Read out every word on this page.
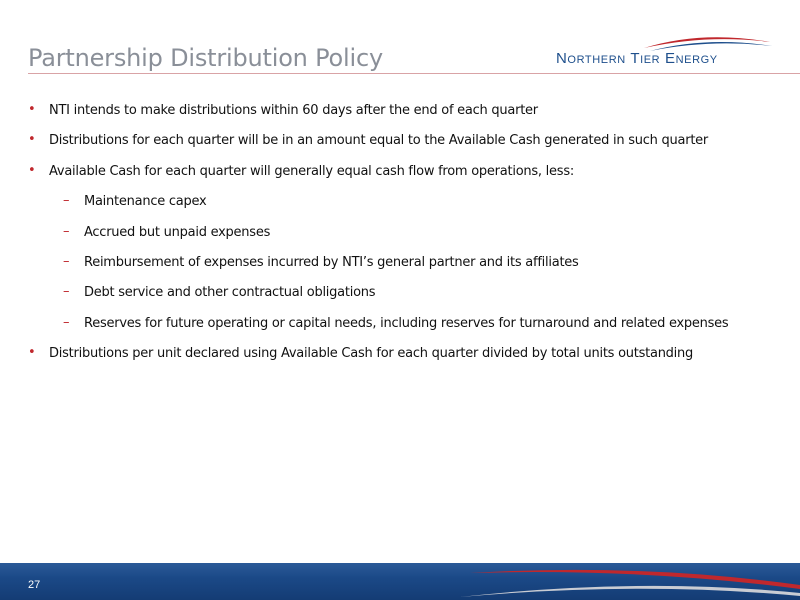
Partnership Distribution Policy	Northern Tier Energy
• NTI intends to make distributions within 60 days after the end of each quarter
• Distributions for each quarter will be in an amount equal to the Available Cash generated in such quarter
• Available Cash for each quarter will generally equal cash flow from operations, less:
– Maintenance capex
– Accrued but unpaid expenses
– Reimbursement of expenses incurred by NTI’s general partner and its affiliates
– Debt service and other contractual obligations
– Reserves for future operating or capital needs, including reserves for turnaround and related expenses
• Distributions per unit declared using Available Cash for each quarter divided by total units outstanding
27
